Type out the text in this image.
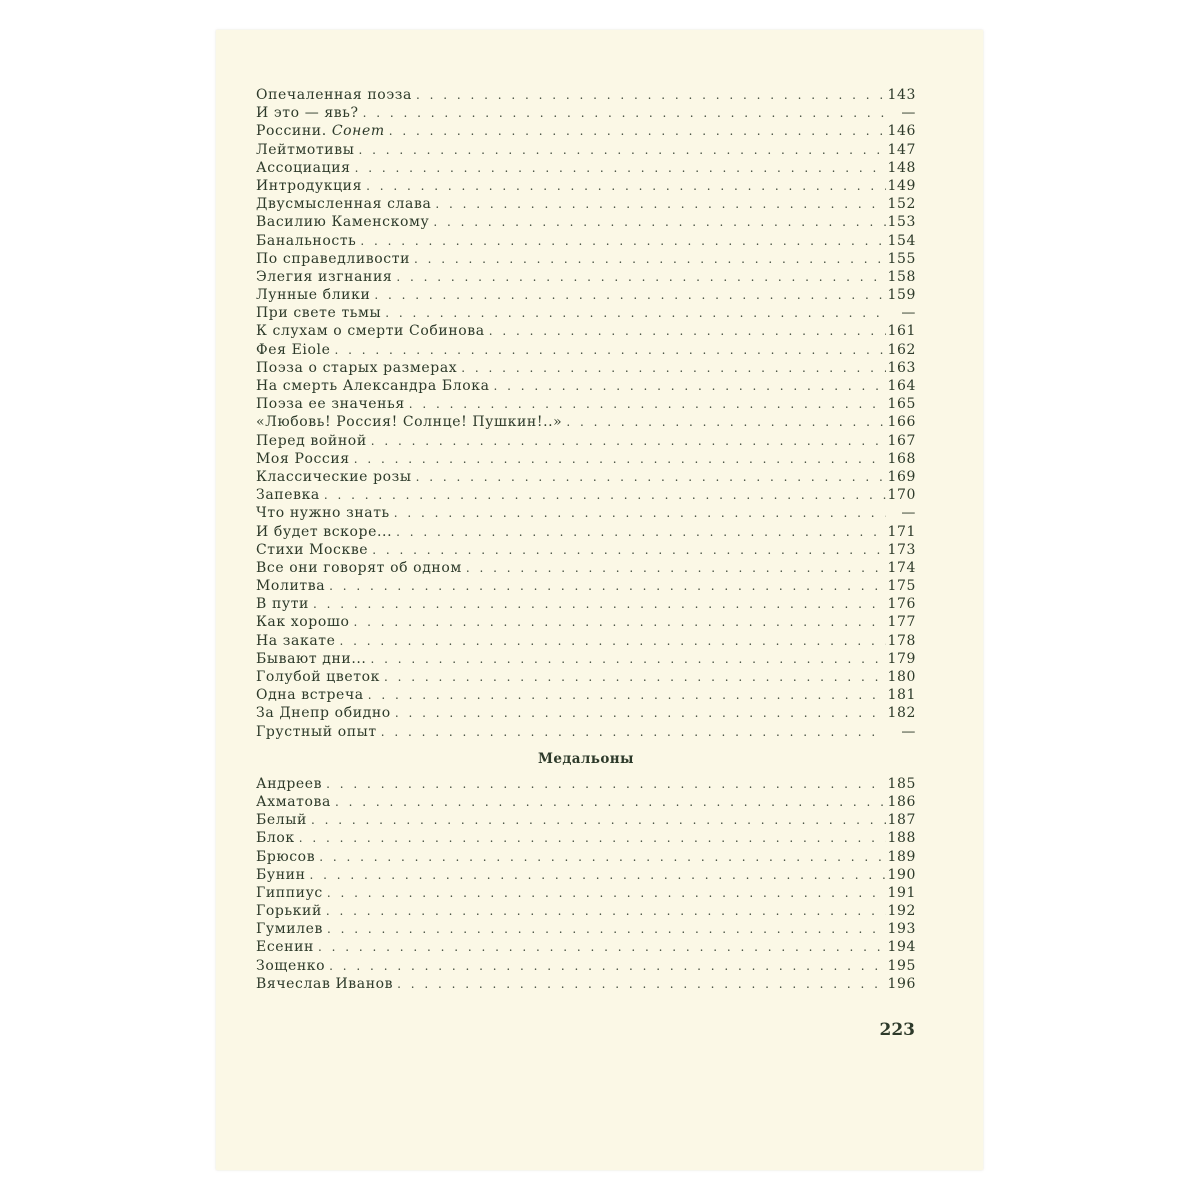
Опечаленная поэза . . .	143
И это — явь? . . .	—
Россини. Сонет . . .	146
Лейтмотивы . . .	147
Ассоциация . . .	148
Интродукция . . .	149
Двусмысленная слава . . .	152
Василию Каменскому . . .	153
Банальность . . .	154
По справедливости . . .	155
Элегия изгнания . . .	158
Лунные блики . . .	159
При свете тьмы . . .	—
К слухам о смерти Собинова . . .	161
Фея Eiole . . .	162
Поэза о старых размерах . . .	163
На смерть Александра Блока . . .	164
Поэза ее значенья . . .	165
«Любовь! Россия! Солнце! Пушкин!..» . . .	166
Перед войной . . .	167
Моя Россия . . .	168
Классические розы . . .	169
Запевка . . .	170
Что нужно знать . . .	—
И будет вскоре... . . .	171
Стихи Москве . . .	173
Все они говорят об одном . . .	174
Молитва . . .	175
В пути . . .	176
Как хорошо . . .	177
На закате . . .	178
Бывают дни... . . .	179
Голубой цветок . . .	180
Одна встреча . . .	181
За Днепр обидно . . .	182
Грустный опыт . . .	—
Медальоны
Андреев . . .	185
Ахматова . . .	186
Белый . . .	187
Блок . . .	188
Брюсов . . .	189
Бунин . . .	190
Гиппиус . . .	191
Горький . . .	192
Гумилев . . .	193
Есенин . . .	194
Зощенко . . .	195
Вячеслав Иванов . . .	196
223
